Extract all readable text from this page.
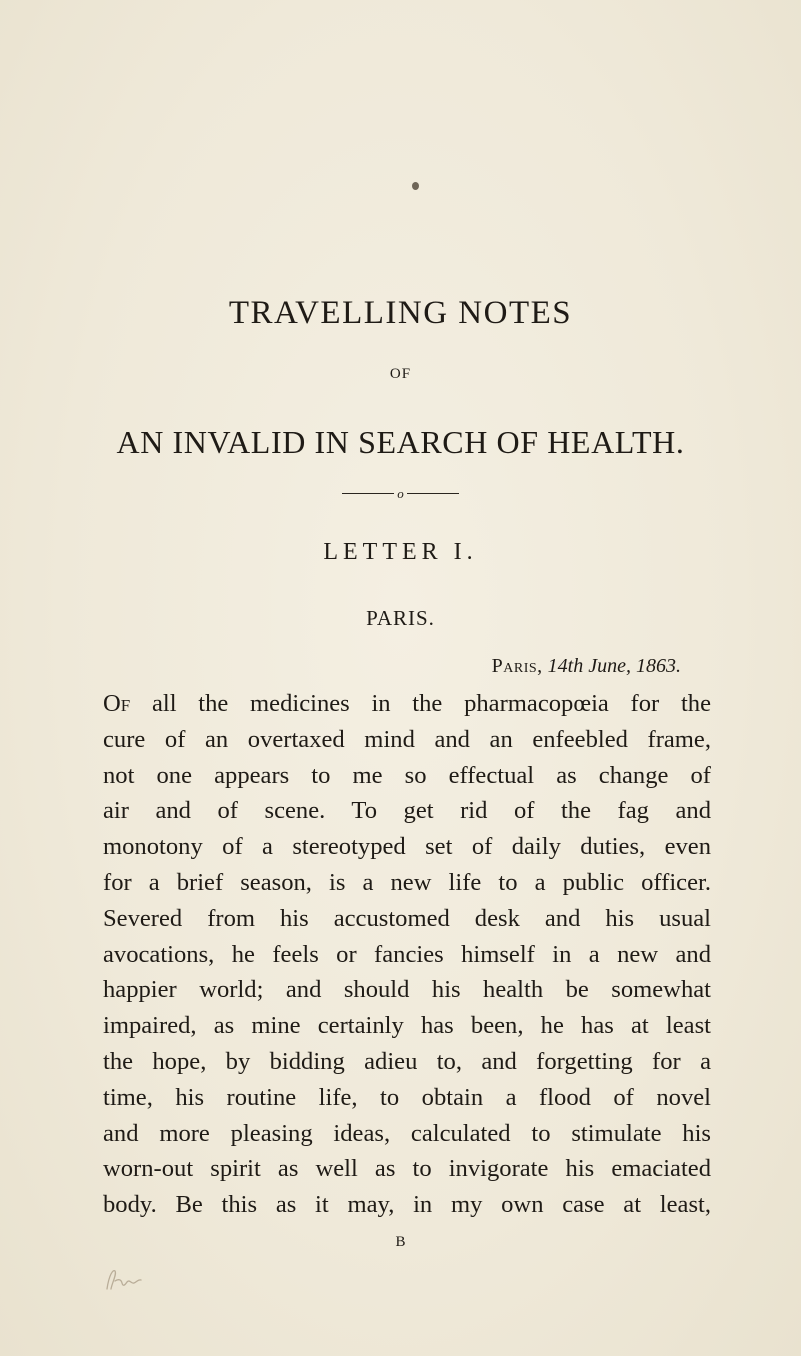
TRAVELLING NOTES
OF
AN INVALID IN SEARCH OF HEALTH.
o
LETTER I.
PARIS.
Paris, 14th June, 1863.
Of all the medicines in the pharmacopœia for the
cure of an overtaxed mind and an enfeebled frame,
not one appears to me so effectual as change of
air and of scene. To get rid of the fag and
monotony of a stereotyped set of daily duties, even
for a brief season, is a new life to a public officer.
Severed from his accustomed desk and his usual
avocations, he feels or fancies himself in a new and
happier world; and should his health be somewhat
impaired, as mine certainly has been, he has at least
the hope, by bidding adieu to, and forgetting for a
time, his routine life, to obtain a flood of novel
and more pleasing ideas, calculated to stimulate his
worn-out spirit as well as to invigorate his emaciated
body. Be this as it may, in my own case at least,
B
